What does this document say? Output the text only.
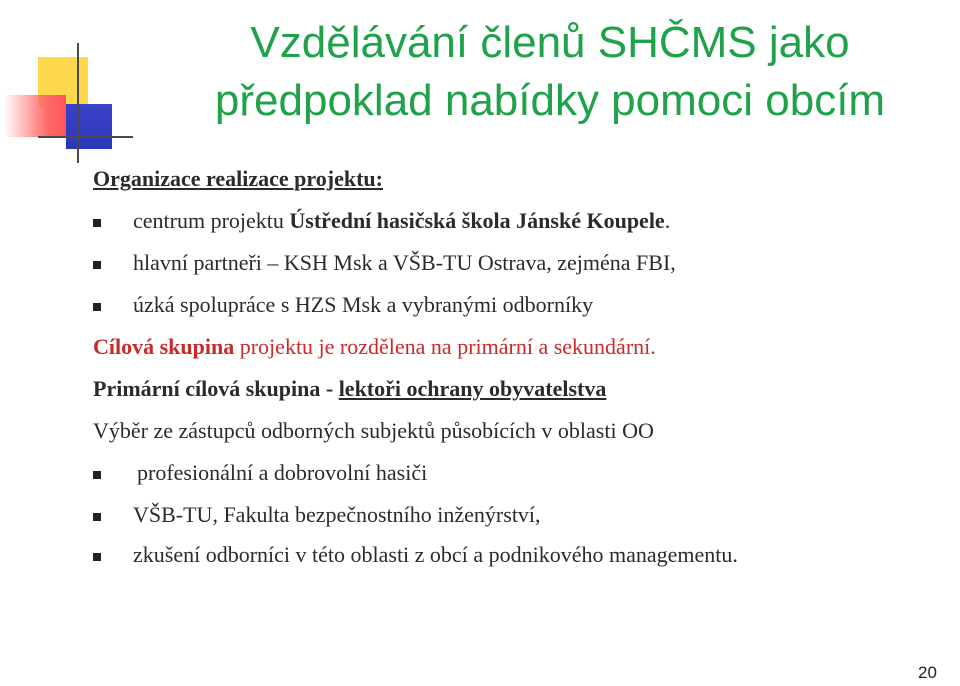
Vzdělávání členů SHČMS jako
předpoklad nabídky pomoci obcím
Organizace realizace projektu:
centrum projektu Ústřední hasičská škola Jánské Koupele.
hlavní partneři – KSH Msk a VŠB-TU Ostrava, zejména FBI,
úzká spolupráce s HZS Msk a vybranými odborníky
Cílová skupina projektu je rozdělena na primární a sekundární.
Primární cílová skupina - lektoři ochrany obyvatelstva
Výběr ze zástupců odborných subjektů působících v oblasti OO
profesionální a dobrovolní hasiči
VŠB-TU, Fakulta bezpečnostního inženýrství,
zkušení odborníci v této oblasti z obcí a podnikového managementu.
20
